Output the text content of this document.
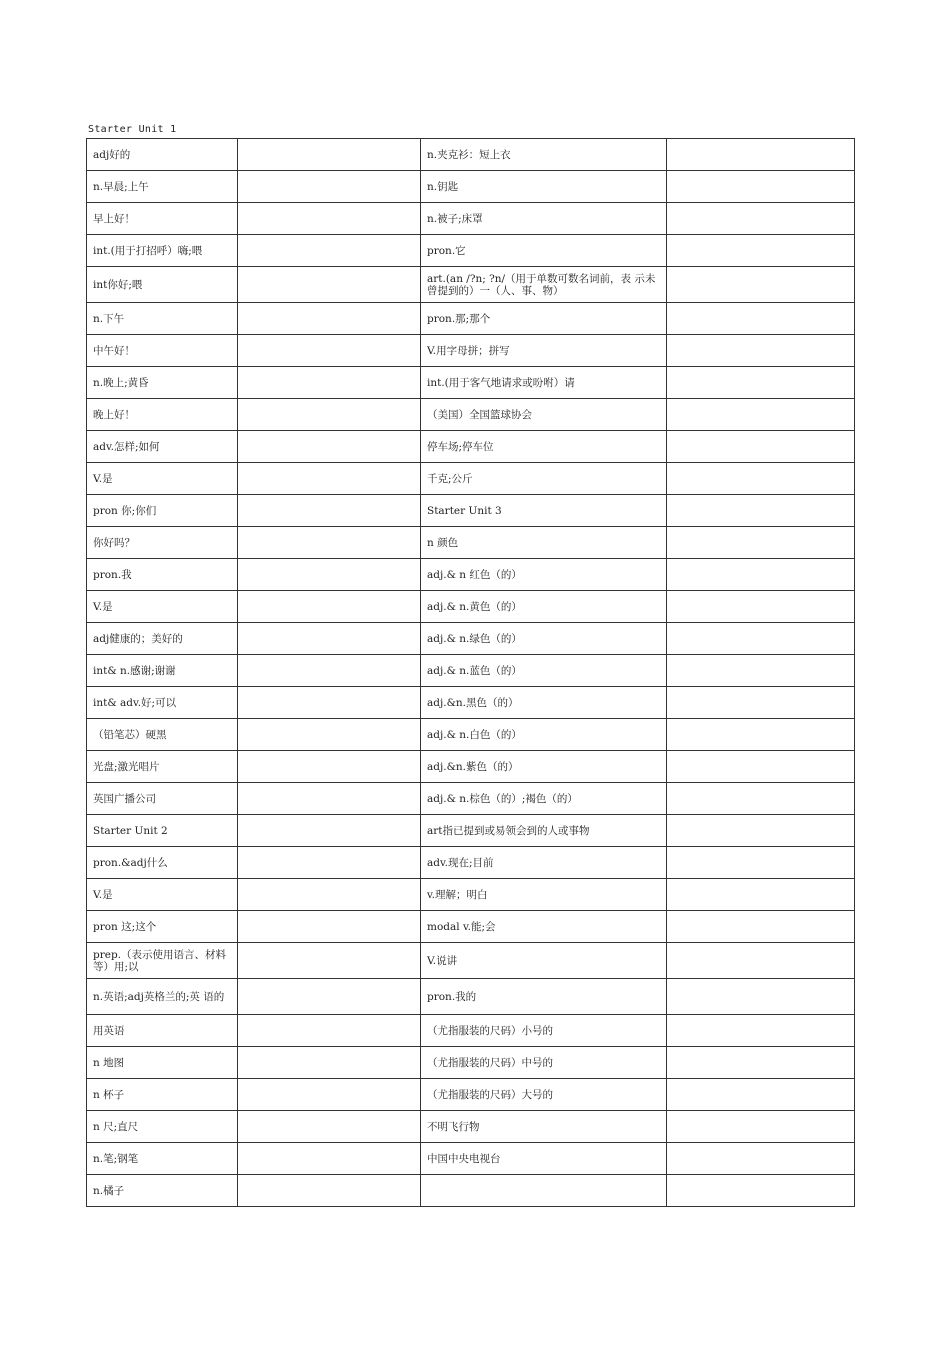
Starter Unit 1
adj好的		n.夹克衫：短上衣	
n.早晨;上午		n.钥匙	
早上好！		n.被子;床罩	
int.(用于打招呼）嗨;喂		pron.它	
int你好;喂		art.(an /?n; ?n/（用于单数可数名词前，表 示未曾提到的）一（人、事、物）	
n.下午		pron.那;那个	
中午好！		V.用字母拼；拼写	
n.晚上;黄昏		int.(用于客气地请求或吩咐）请	
晚上好！		（美国）全国篮球协会	
adv.怎样;如何		停车场;停车位	
V.是		千克;公斤	
pron 你;你们		Starter Unit 3	
你好吗？		n 颜色	
pron.我		adj.& n 红色（的）	
V.是		adj.& n.黄色（的）	
adj健康的；美好的		adj.& n.绿色（的）	
int& n.感谢;谢谢		adj.& n.蓝色（的）	
int& adv.好;可以		adj.&n.黑色（的）	
（铅笔芯）硬黑		adj.& n.白色（的）	
光盘;激光唱片		adj.&n.紫色（的）	
英国广播公司		adj.& n.棕色（的）;褐色（的）	
Starter Unit 2		art指已提到或易领会到的人或事物	
pron.&adj什么		adv.现在;目前	
V.是		v.理解；明白	
pron 这;这个		modal v.能;会	
prep.（表示使用语言、材料等）用;以		V.说讲	
n.英语;adj英格兰的;英 语的		pron.我的	
用英语		（尤指服装的尺码）小号的	
n 地图		（尤指服装的尺码）中号的	
n 杯子		（尤指服装的尺码）大号的	
n 尺;直尺		不明飞行物	
n.笔;钢笔		中国中央电视台	
n.橘子			
